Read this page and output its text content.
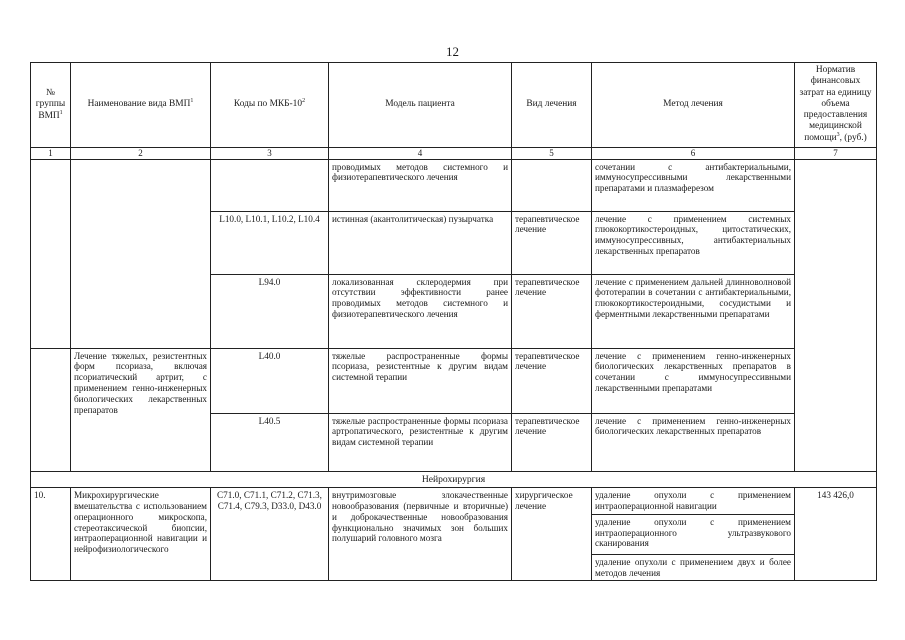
12
№ группы ВМП$^1$	Наименование вида ВМП$^1$	Коды по МКБ-$10^2$	Модель пациента	Вид лечения	Метод лечения	Норматив финансовых затрат на единицу объема предоставления медицинской помощи$^3$, (руб.)
1	2	3	4	5	6	7
			проводимых методов системного и физиотерапевтического лечения		сочетании с антибактериальными, иммуносупрессивными лекарственными препаратами и плазмаферезом	
		L10.0, L10.1, L10.2, L10.4	истинная (акантолитическая) пузырчатка	терапевтическое лечение	лечение с применением системных глюкокортикостероидных, цитостатических, иммуносупрессивных, антибактериальных лекарственных препаратов	
		L94.0	локализованная склеродермия при отсутствии эффективности ранее проводимых методов системного и физиотерапевтического лечения	терапевтическое лечение	лечение с применением дальней длинноволновой фототерапии в сочетании с антибактериальными, глюкокортикостероидными, сосудистыми и ферментными лекарственными препаратами	
	Лечение тяжелых, резистентных форм псориаза, включая псориатический артрит, с применением генно-инженерных биологических лекарственных препаратов	L40.0	тяжелые распространенные формы псориаза, резистентные к другим видам системной терапии	терапевтическое лечение	лечение с применением генно-инженерных биологических лекарственных препаратов в сочетании с иммуносупрессивными лекарственными препаратами	
		L40.5	тяжелые распространенные формы псориаза артропатического, резистентные к другим видам системной терапии	терапевтическое лечение	лечение с применением генно-инженерных биологических лекарственных препаратов	
Нейрохирургия						
10.	Микрохирургические вмешательства с использованием операционного микроскопа, стереотаксической биопсии, интраоперационной навигации и нейрофизиологического	C71.0, C71.1, C71.2, C71.3, C71.4, C79.3, D33.0, D43.0	внутримозговые злокачественные новообразования (первичные и вторичные) и доброкачественные новообразования функционально значимых зон больших полушарий головного мозга	хирургическое лечение	удаление опухоли с применением интраоперационной навигации	143 426,0
					удаление опухоли с применением интраоперационного ультразвукового сканирования	
					удаление опухоли с применением двух и более методов лечения	
